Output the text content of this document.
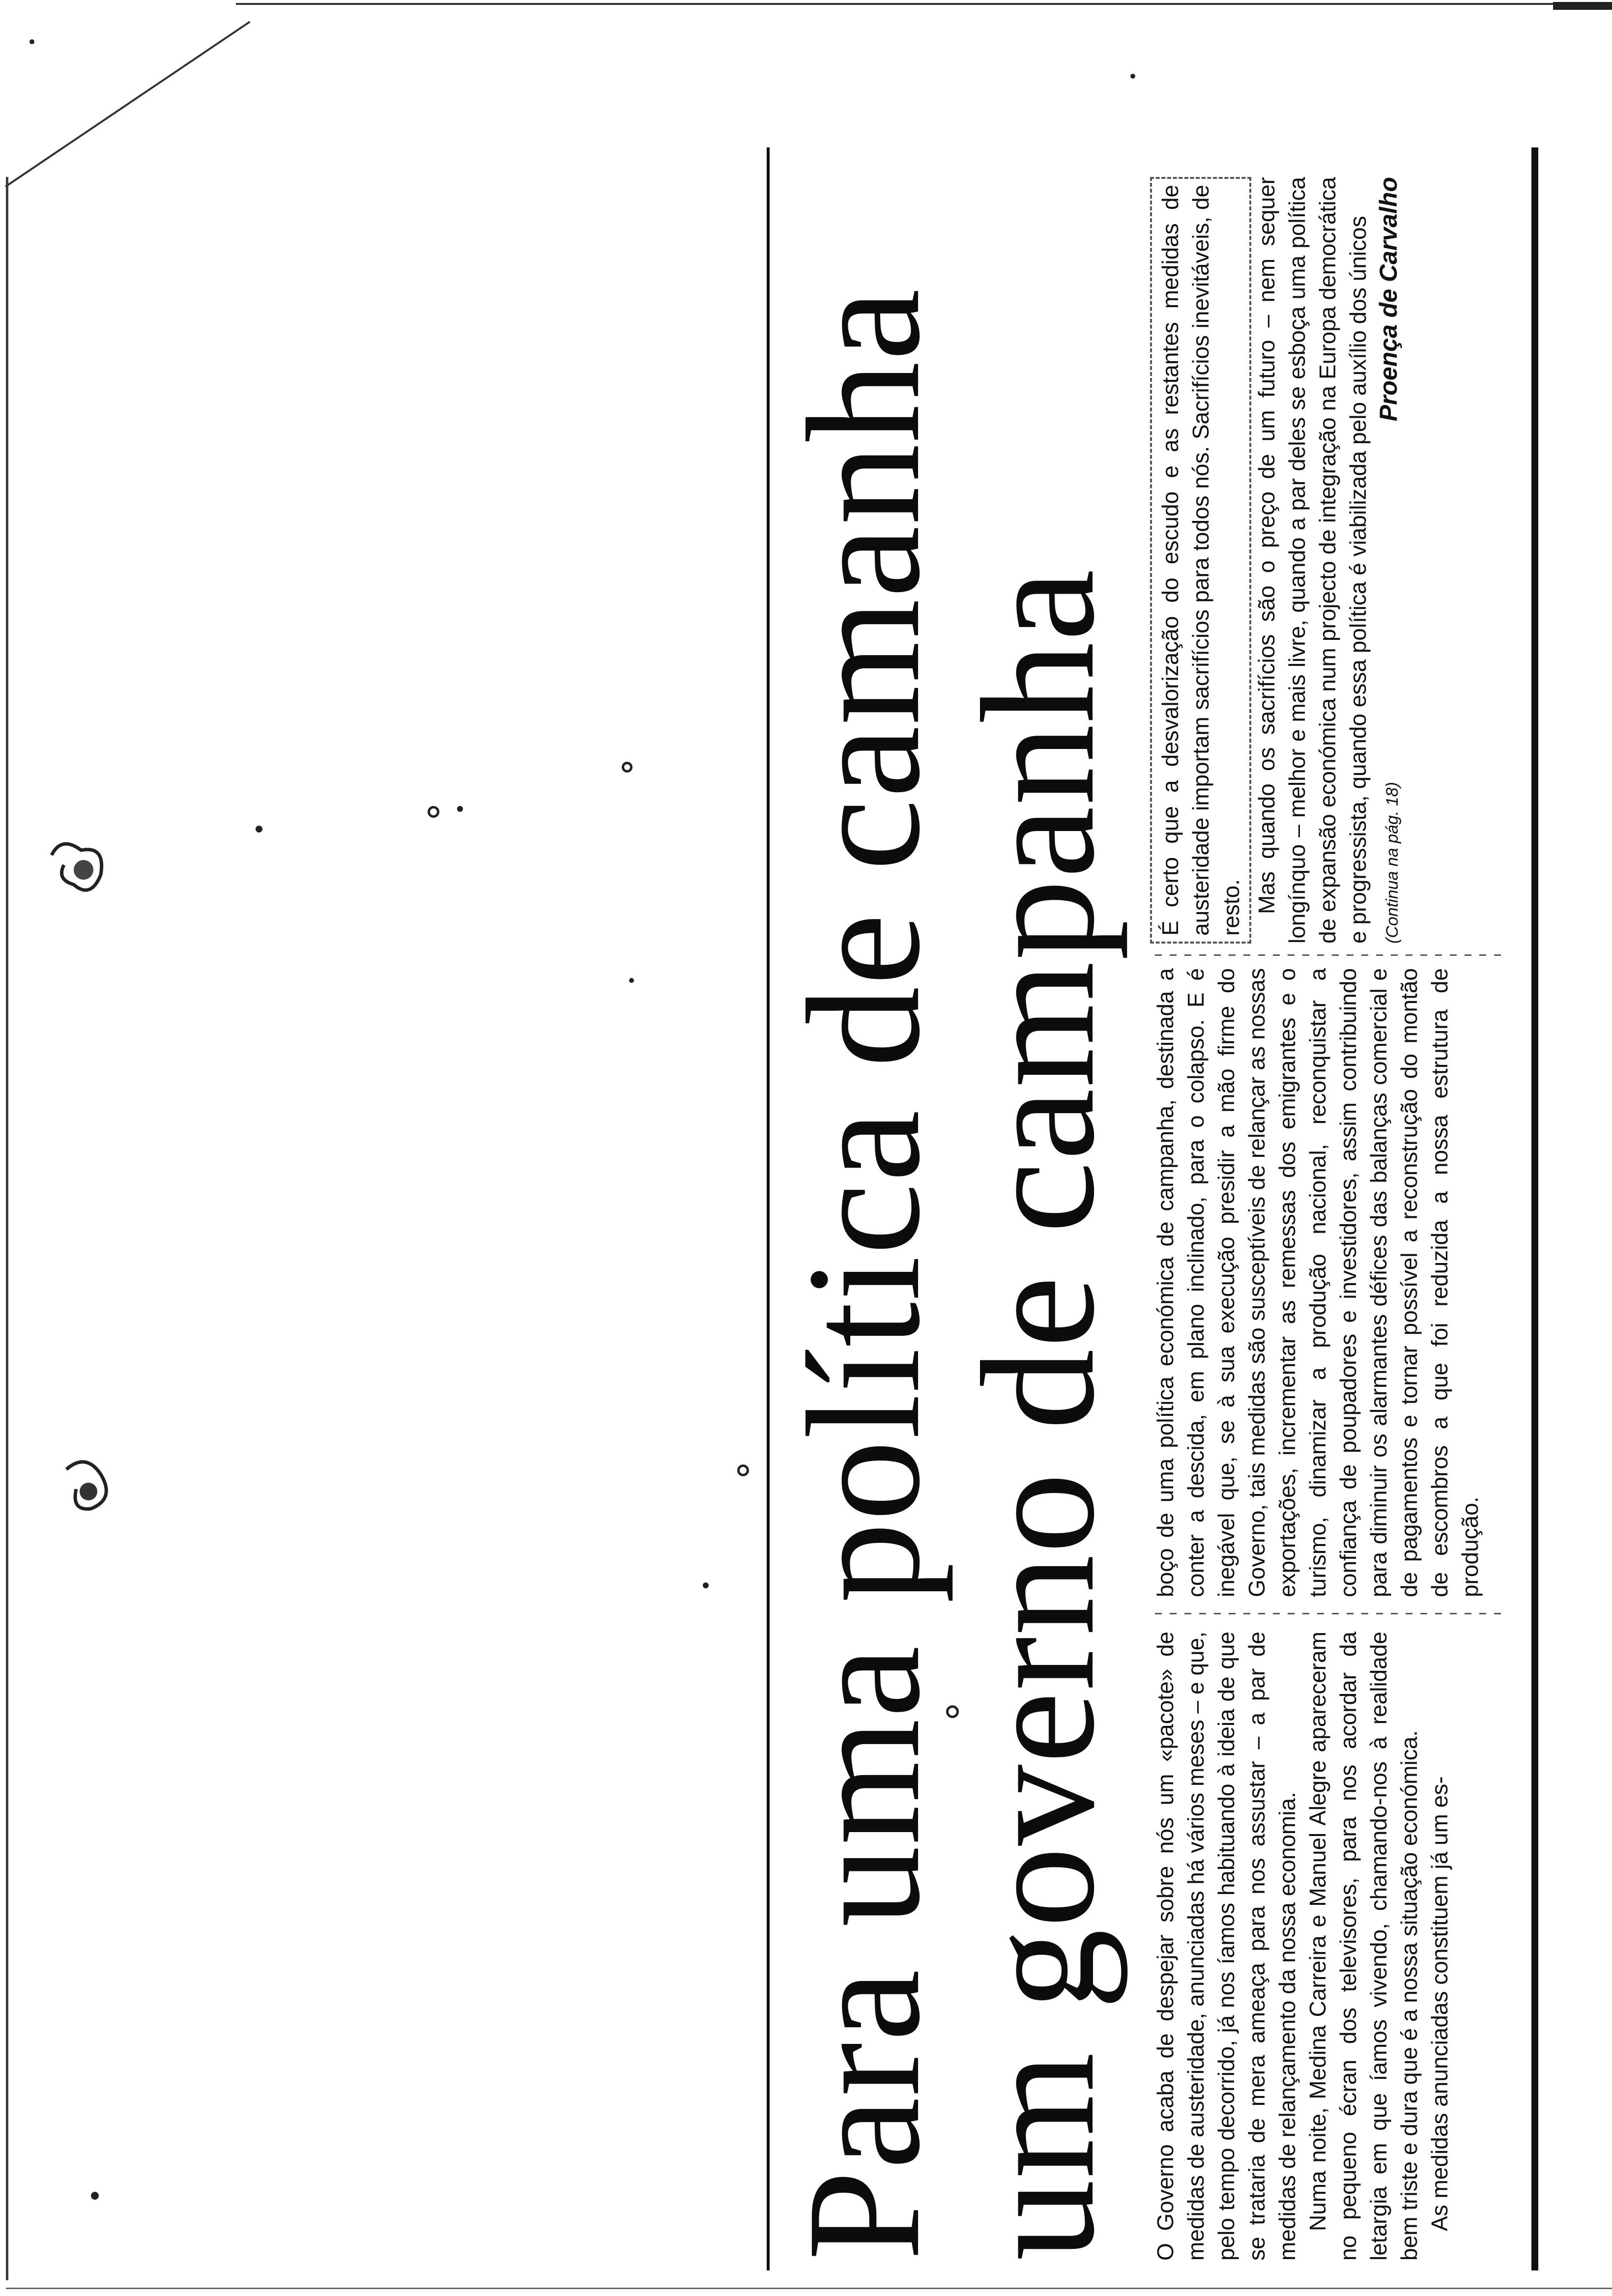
Para uma política de camanha
um governo de campanha O Governo acaba de despejar sobre nós um «pacote» de medidas de austeridade, anunciadas há vários meses – e que, pelo tempo decorrido, já nos íamos habituando à ideia de que se trataria de mera ameaça para nos assustar – a par de medidas de relançamento da nossa economia. Numa noite, Medina Carreira e Manuel Alegre apareceram no pequeno écran dos televisores, para nos acordar da letargia em que íamos vivendo, chamando-nos à realidade bem triste e dura que é a nossa situação económica. As medidas anunciadas constituem já um es-

boço de uma política económica de campanha, destinada a conter a descida, em plano inclinado, para o colapso. E é inegável que, se à sua execução presidir a mão firme do Governo, tais medidas são susceptíveis de relançar as nossas exportações, incrementar as remessas dos emigrantes e o turismo, dinamizar a produção nacional, reconquistar a confiança de poupadores e investidores, assim contribuindo para diminuir os alarmantes défices das balanças comercial e de pagamentos e tornar possível a reconstrução do montão de escombros a que foi reduzida a nossa estrutura de produção.

É certo que a desvalorização do escudo e as restantes medidas de austeridade importam sacrifícios para todos nós. Sacrifícios inevitáveis, de resto. Mas quando os sacrifícios são o preço de um futuro – nem sequer longínquo – melhor e mais livre, quando a par deles se esboça uma política de expansão económica num projecto de integração na Europa democrática e progressista, quando essa política é viabilizada pelo auxílio dos únicos (Continua na pág. 18)
Proença de Carvalho
